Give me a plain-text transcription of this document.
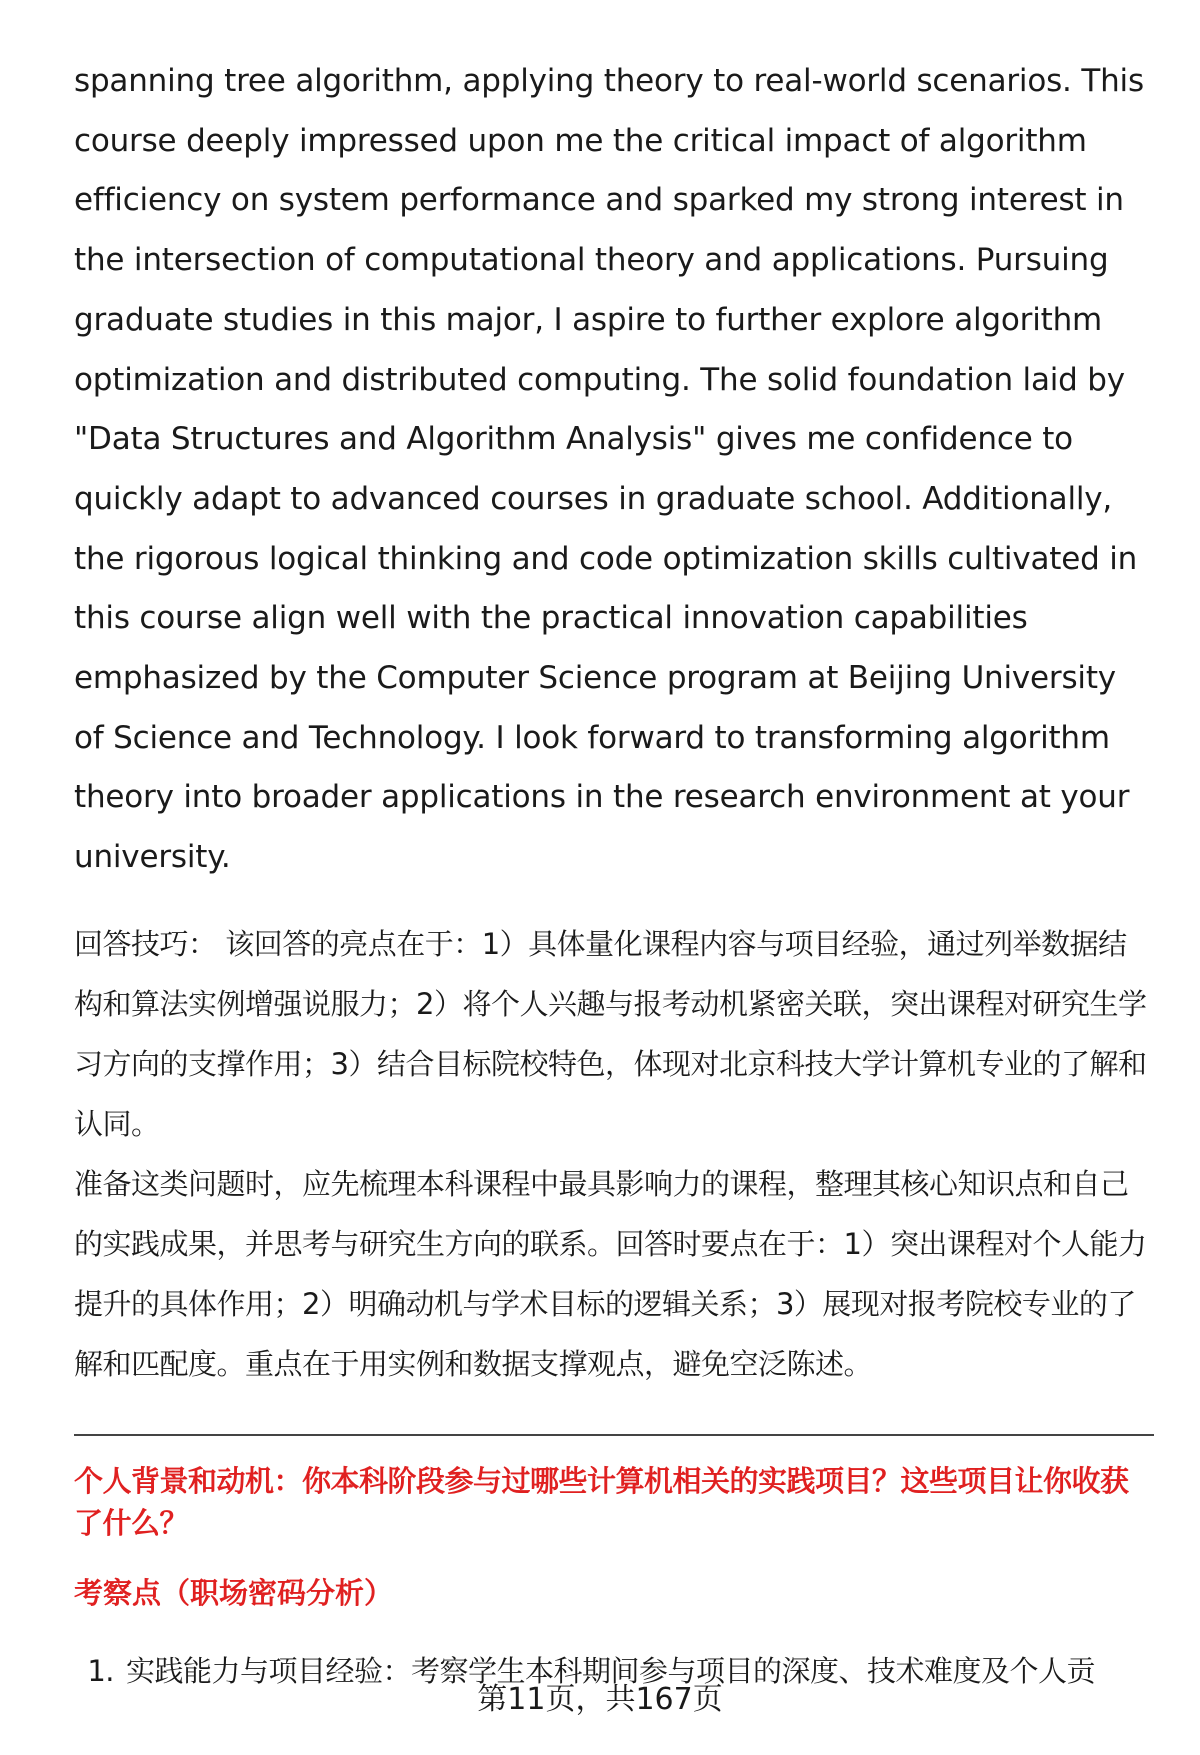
spanning tree algorithm, applying theory to real-world scenarios. This course deeply impressed upon me the critical impact of algorithm efficiency on system performance and sparked my strong interest in the intersection of computational theory and applications. Pursuing graduate studies in this major, I aspire to further explore algorithm optimization and distributed computing. The solid foundation laid by "Data Structures and Algorithm Analysis" gives me confidence to quickly adapt to advanced courses in graduate school. Additionally, the rigorous logical thinking and code optimization skills cultivated in this course align well with the practical innovation capabilities emphasized by the Computer Science program at Beijing University of Science and Technology. I look forward to transforming algorithm theory into broader applications in the research environment at your university.

回答技巧： 该回答的亮点在于：1）具体量化课程内容与项目经验，通过列举数据结构和算法实例增强说服力；2）将个人兴趣与报考动机紧密关联，突出课程对研究生学习方向的支撑作用；3）结合目标院校特色，体现对北京科技大学计算机专业的了解和认同。

准备这类问题时，应先梳理本科课程中最具影响力的课程，整理其核心知识点和自己的实践成果，并思考与研究生方向的联系。回答时要点在于：1）突出课程对个人能力提升的具体作用；2）明确动机与学术目标的逻辑关系；3）展现对报考院校专业的了解和匹配度。重点在于用实例和数据支撑观点，避免空泛陈述。

个人背景和动机：你本科阶段参与过哪些计算机相关的实践项目？这些项目让你收获了什么？

考察点（职场密码分析）

1. 实践能力与项目经验：考察学生本科期间参与项目的深度、技术难度及个人贡
第11页，共167页
